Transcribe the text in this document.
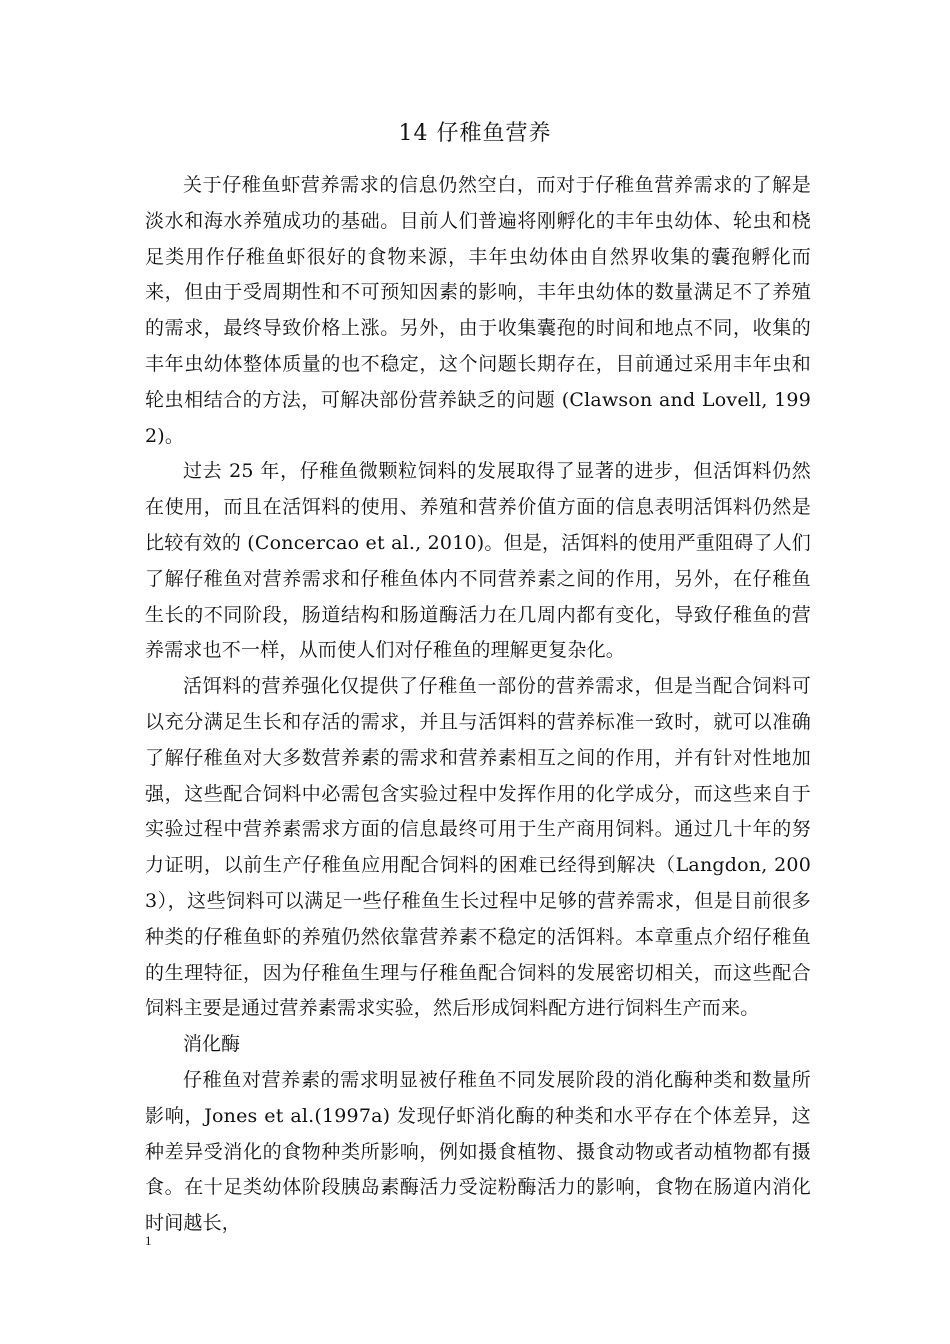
14 仔稚鱼营养

关于仔稚鱼虾营养需求的信息仍然空白，而对于仔稚鱼营养需求的了解是淡水和海水养殖成功的基础。目前人们普遍将刚孵化的丰年虫幼体、轮虫和桡足类用作仔稚鱼虾很好的食物来源，丰年虫幼体由自然界收集的囊孢孵化而来，但由于受周期性和不可预知因素的影响，丰年虫幼体的数量满足不了养殖的需求，最终导致价格上涨。另外，由于收集囊孢的时间和地点不同，收集的丰年虫幼体整体质量的也不稳定，这个问题长期存在，目前通过采用丰年虫和轮虫相结合的方法，可解决部份营养缺乏的问题 (Clawson and Lovell, 1992)。

过去 25 年，仔稚鱼微颗粒饲料的发展取得了显著的进步，但活饵料仍然在使用，而且在活饵料的使用、养殖和营养价值方面的信息表明活饵料仍然是比较有效的 (Concercao et al., 2010)。但是，活饵料的使用严重阻碍了人们了解仔稚鱼对营养需求和仔稚鱼体内不同营养素之间的作用，另外，在仔稚鱼生长的不同阶段，肠道结构和肠道酶活力在几周内都有变化，导致仔稚鱼的营养需求也不一样，从而使人们对仔稚鱼的理解更复杂化。

活饵料的营养强化仅提供了仔稚鱼一部份的营养需求，但是当配合饲料可以充分满足生长和存活的需求，并且与活饵料的营养标准一致时，就可以准确了解仔稚鱼对大多数营养素的需求和营养素相互之间的作用，并有针对性地加强，这些配合饲料中必需包含实验过程中发挥作用的化学成分，而这些来自于实验过程中营养素需求方面的信息最终可用于生产商用饲料。通过几十年的努力证明，以前生产仔稚鱼应用配合饲料的困难已经得到解决（Langdon, 2003），这些饲料可以满足一些仔稚鱼生长过程中足够的营养需求，但是目前很多种类的仔稚鱼虾的养殖仍然依靠营养素不稳定的活饵料。本章重点介绍仔稚鱼的生理特征，因为仔稚鱼生理与仔稚鱼配合饲料的发展密切相关，而这些配合饲料主要是通过营养素需求实验，然后形成饲料配方进行饲料生产而来。

消化酶

仔稚鱼对营养素的需求明显被仔稚鱼不同发展阶段的消化酶种类和数量所影响，Jones et al.(1997a) 发现仔虾消化酶的种类和水平存在个体差异，这种差异受消化的食物种类所影响，例如摄食植物、摄食动物或者动植物都有摄食。在十足类幼体阶段胰岛素酶活力受淀粉酶活力的影响，食物在肠道内消化时间越长，

1
